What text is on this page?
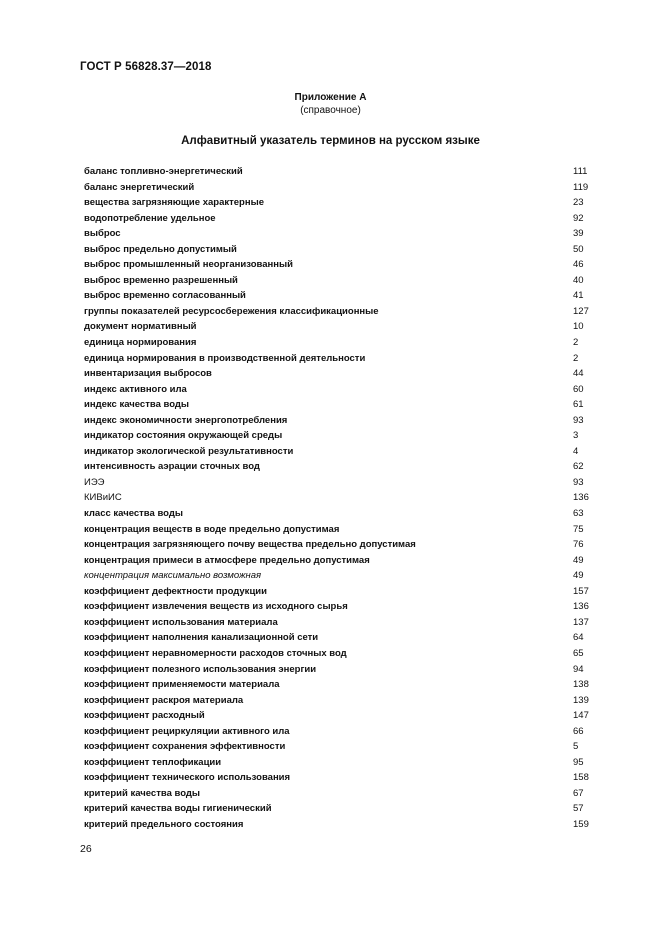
ГОСТ Р 56828.37—2018
Приложение А
(справочное)
Алфавитный указатель терминов на русском языке
баланс топливно-энергетический	111
баланс энергетический	119
вещества загрязняющие характерные	23
водопотребление удельное	92
выброс	39
выброс предельно допустимый	50
выброс промышленный неорганизованный	46
выброс временно разрешенный	40
выброс временно согласованный	41
группы показателей ресурсосбережения классификационные	127
документ нормативный	10
единица нормирования	2
единица нормирования в производственной деятельности	2
инвентаризация выбросов	44
индекс активного ила	60
индекс качества воды	61
индекс экономичности энергопотребления	93
индикатор состояния окружающей среды	3
индикатор экологической результативности	4
интенсивность аэрации сточных вод	62
ИЭЭ	93
КИВиИС	136
класс качества воды	63
концентрация веществ в воде предельно допустимая	75
концентрация загрязняющего почву вещества предельно допустимая	76
концентрация примеси в атмосфере предельно допустимая	49
концентрация максимально возможная	49
коэффициент дефектности продукции	157
коэффициент извлечения веществ из исходного сырья	136
коэффициент использования материала	137
коэффициент наполнения канализационной сети	64
коэффициент неравномерности расходов сточных вод	65
коэффициент полезного использования энергии	94
коэффициент применяемости материала	138
коэффициент раскроя материала	139
коэффициент расходный	147
коэффициент рециркуляции активного ила	66
коэффициент сохранения эффективности	5
коэффициент теплофикации	95
коэффициент технического использования	158
критерий качества воды	67
критерий качества воды гигиенический	57
критерий предельного состояния	159
26
